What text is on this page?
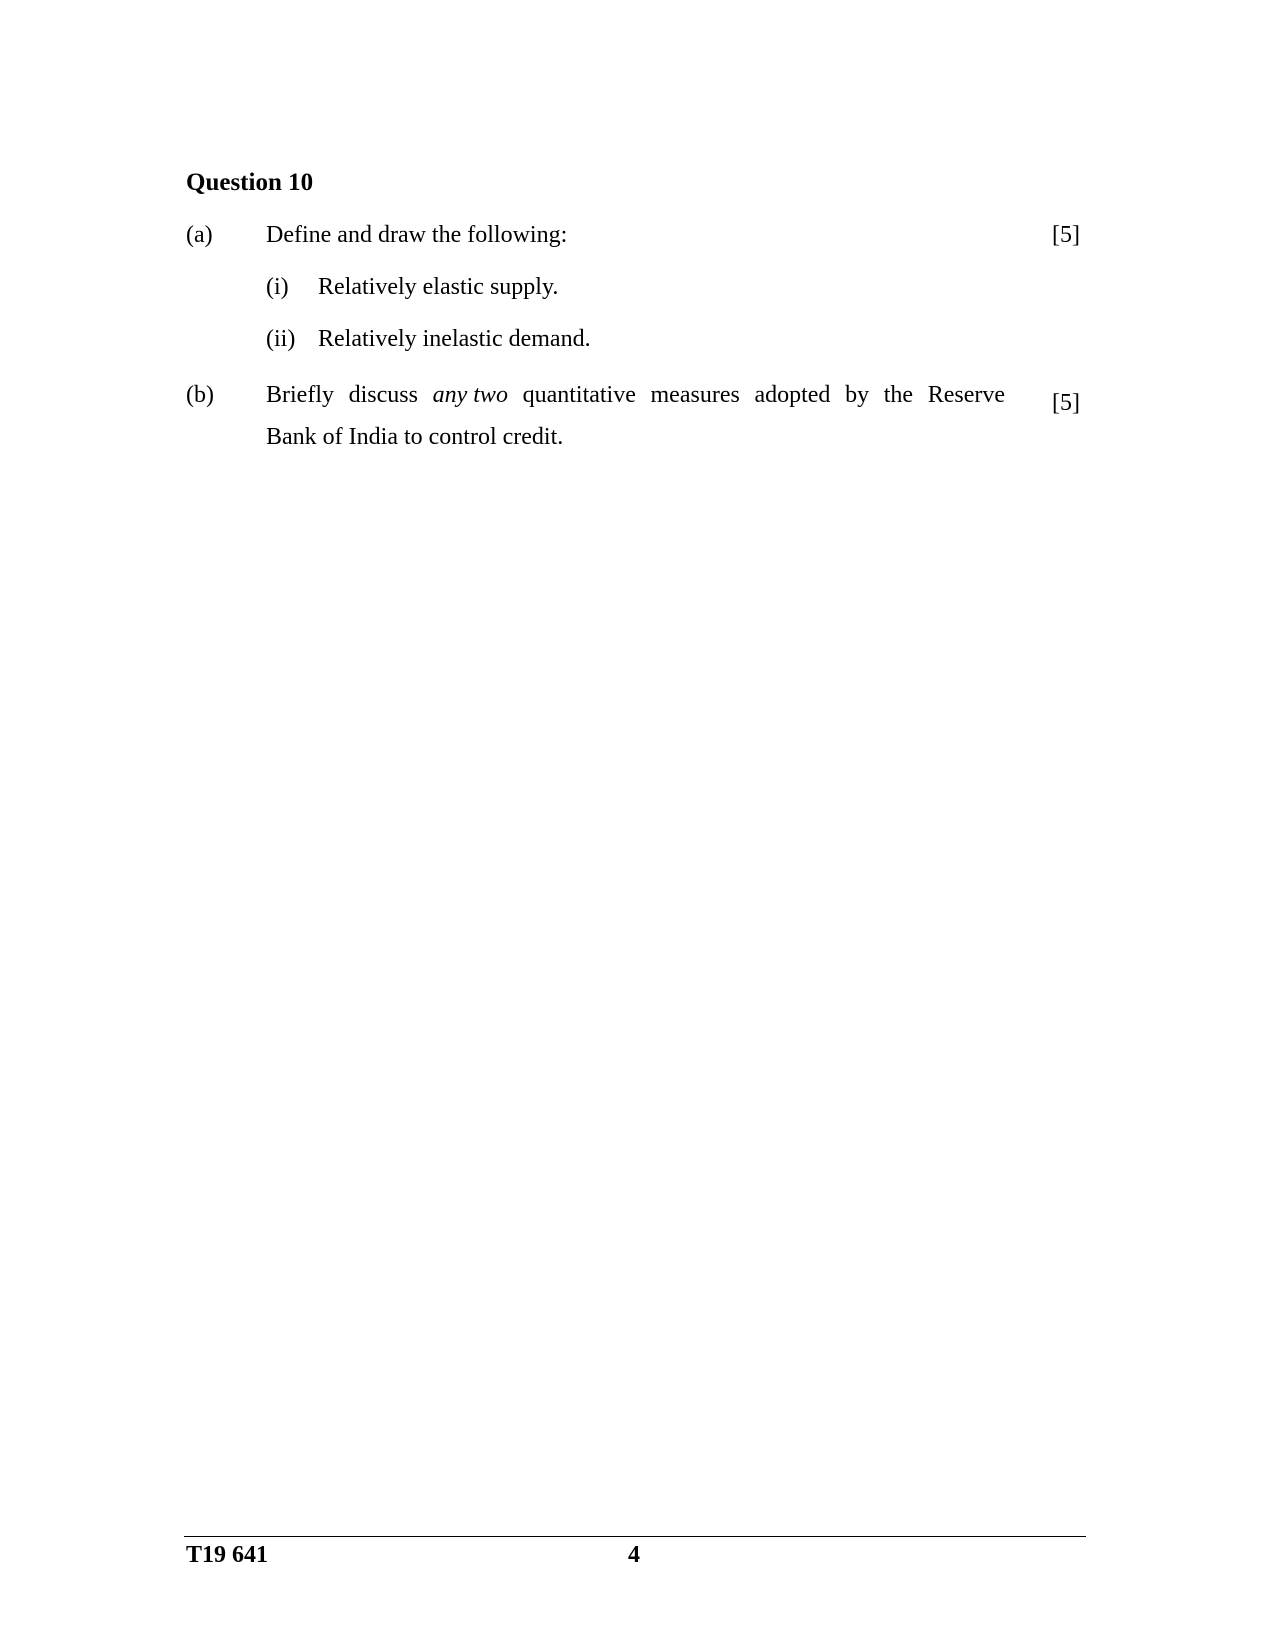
Question 10
(a) Define and draw the following:	[5]
(i) Relatively elastic supply.
(ii) Relatively inelastic demand.
(b) Briefly discuss any two quantitative measures adopted by the Reserve
Bank of India to control credit.
[5]
T19 641	4
